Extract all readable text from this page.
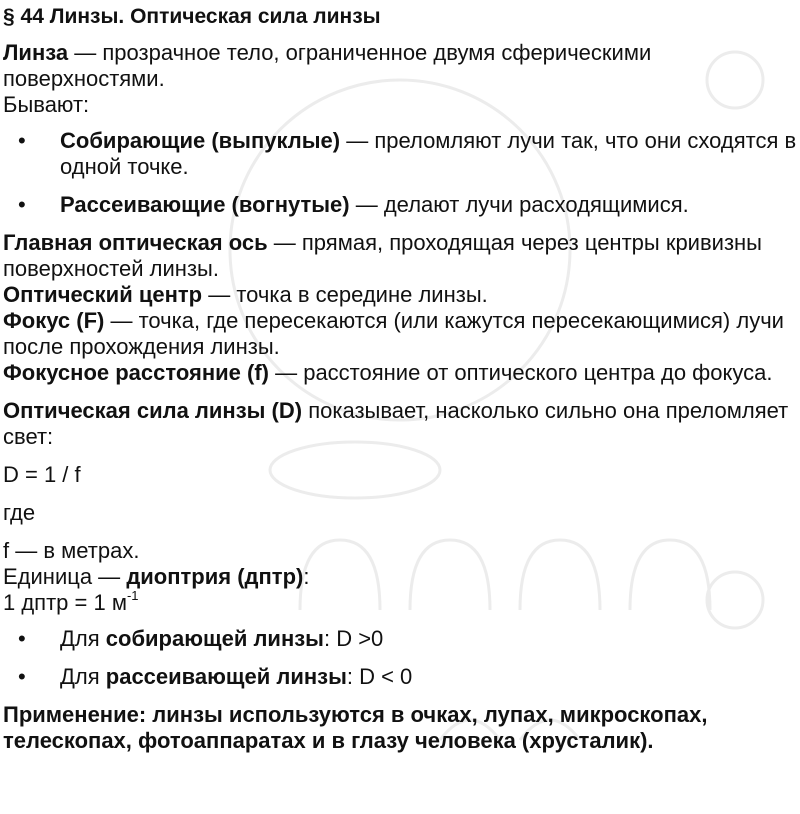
§ 44 Линзы. Оптическая сила линзы

Линза — прозрачное тело, ограниченное двумя сферическими поверхностями.

Бывают:

• Собирающие (выпуклые) — преломляют лучи так, что они сходятся в одной точке.
• Рассеивающие (вогнутые) — делают лучи расходящимися.

Главная оптическая ось — прямая, проходящая через центры кривизны поверхностей линзы.

Оптический центр — точка в середине линзы.

Фокус (F) — точка, где пересекаются (или кажутся пересекающимися) лучи после прохождения линзы.

Фокусное расстояние (f) — расстояние от оптического центра до фокуса.

Оптическая сила линзы (D) показывает, насколько сильно она преломляет свет:

D = 1 / f

где

f — в метрах.

Единица — диоптрия (дптр):

1 дптр = 1 $м^{-1}$

• Для собирающей линзы: D >0
• Для рассеивающей линзы: D < 0

Применение: линзы используются в очках, лупах, микроскопах, телескопах, фотоаппаратах и в глазу человека (хрусталик).
